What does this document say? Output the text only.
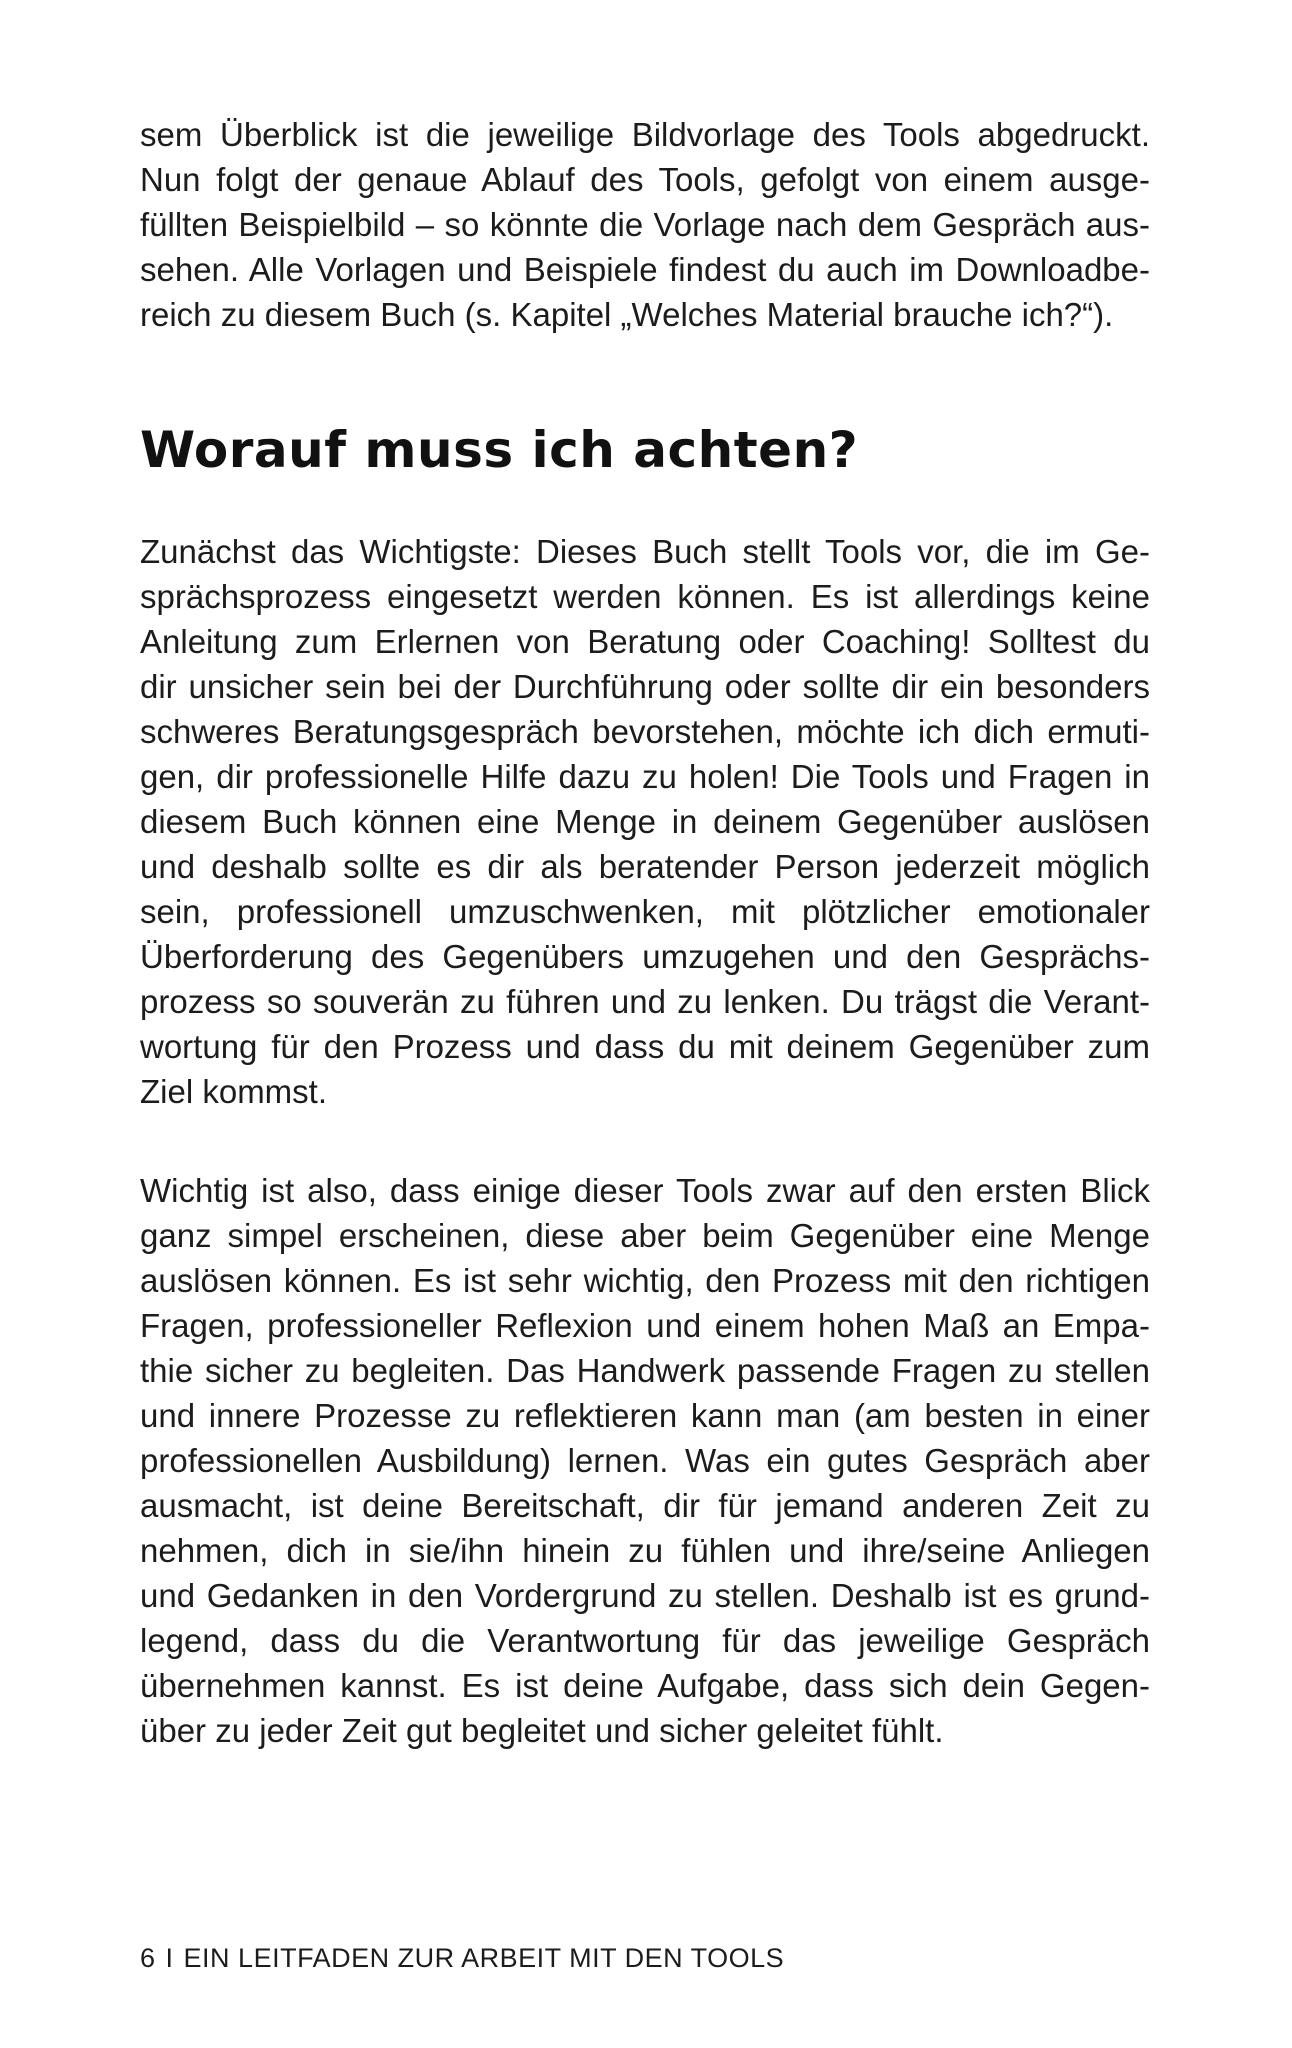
sem Überblick ist die jeweilige Bildvorlage des Tools abgedruckt.
Nun folgt der genaue Ablauf des Tools, gefolgt von einem ausge-
füllten Beispielbild – so könnte die Vorlage nach dem Gespräch aus-
sehen. Alle Vorlagen und Beispiele findest du auch im Downloadbe-
reich zu diesem Buch (s. Kapitel „Welches Material brauche ich?“).

Worauf muss ich achten?

Zunächst das Wichtigste: Dieses Buch stellt Tools vor, die im Ge-
sprächsprozess eingesetzt werden können. Es ist allerdings keine
Anleitung zum Erlernen von Beratung oder Coaching! Solltest du
dir unsicher sein bei der Durchführung oder sollte dir ein besonders
schweres Beratungsgespräch bevorstehen, möchte ich dich ermuti-
gen, dir professionelle Hilfe dazu zu holen! Die Tools und Fragen in
diesem Buch können eine Menge in deinem Gegenüber auslösen
und deshalb sollte es dir als beratender Person jederzeit möglich
sein, professionell umzuschwenken, mit plötzlicher emotionaler
Überforderung des Gegenübers umzugehen und den Gesprächs-
prozess so souverän zu führen und zu lenken. Du trägst die Verant-
wortung für den Prozess und dass du mit deinem Gegenüber zum
Ziel kommst.

Wichtig ist also, dass einige dieser Tools zwar auf den ersten Blick
ganz simpel erscheinen, diese aber beim Gegenüber eine Menge
auslösen können. Es ist sehr wichtig, den Prozess mit den richtigen
Fragen, professioneller Reflexion und einem hohen Maß an Empa-
thie sicher zu begleiten. Das Handwerk passende Fragen zu stellen
und innere Prozesse zu reflektieren kann man (am besten in einer
professionellen Ausbildung) lernen. Was ein gutes Gespräch aber
ausmacht, ist deine Bereitschaft, dir für jemand anderen Zeit zu
nehmen, dich in sie/ihn hinein zu fühlen und ihre/seine Anliegen
und Gedanken in den Vordergrund zu stellen. Deshalb ist es grund-
legend, dass du die Verantwortung für das jeweilige Gespräch
übernehmen kannst. Es ist deine Aufgabe, dass sich dein Gegen-
über zu jeder Zeit gut begleitet und sicher geleitet fühlt.

6 I EIN LEITFADEN ZUR ARBEIT MIT DEN TOOLS
